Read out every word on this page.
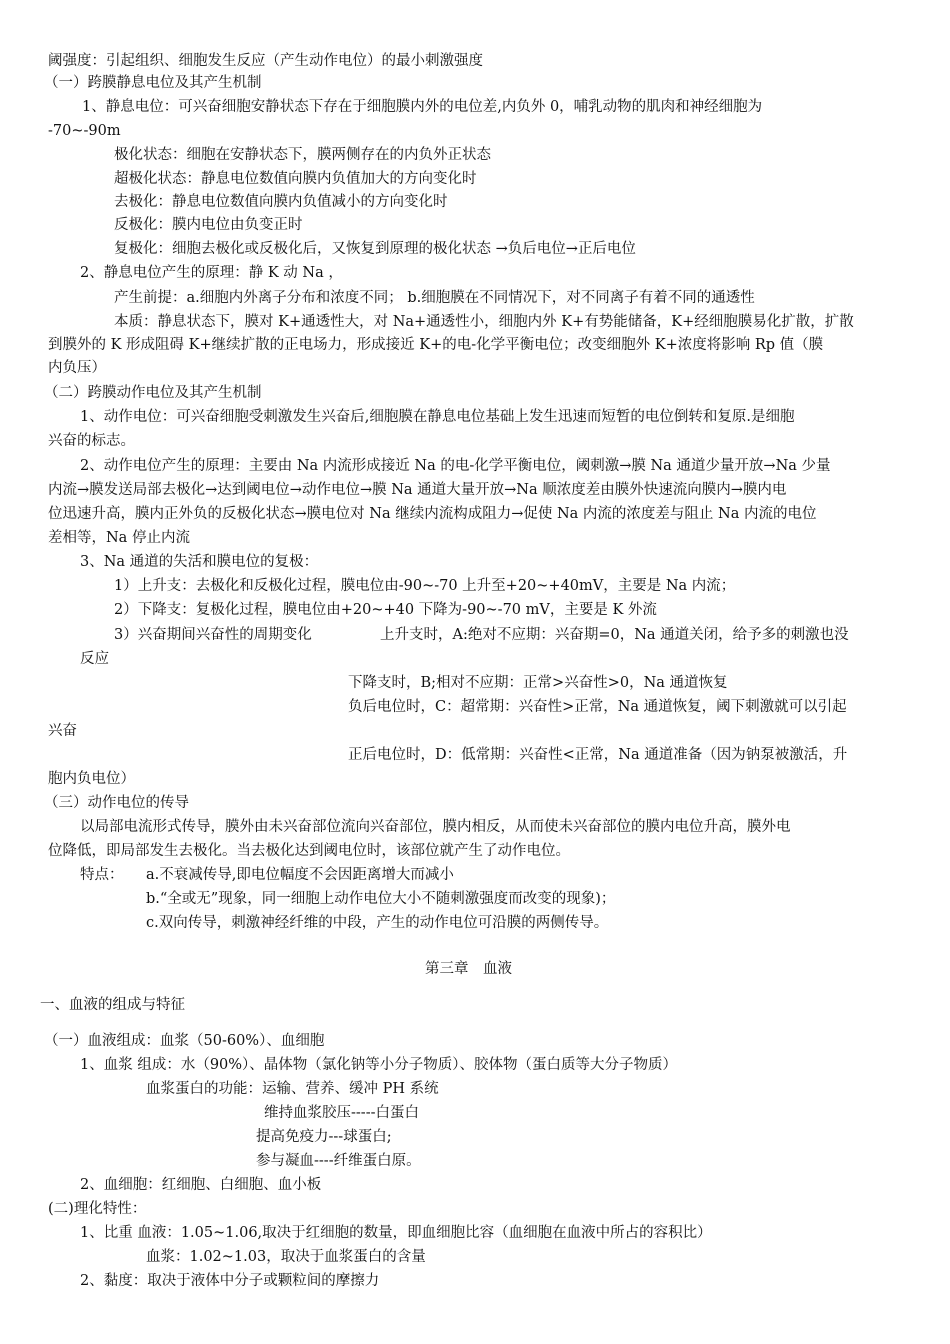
阈强度：引起组织、细胞发生反应（产生动作电位）的最小刺激强度
（一）跨膜静息电位及其产生机制
1、静息电位：可兴奋细胞安静状态下存在于细胞膜内外的电位差,内负外 0，哺乳动物的肌肉和神经细胞为
-70~-90m
极化状态：细胞在安静状态下，膜两侧存在的内负外正状态
超极化状态：静息电位数值向膜内负值加大的方向变化时
去极化：静息电位数值向膜内负值减小的方向变化时
反极化：膜内电位由负变正时
复极化：细胞去极化或反极化后，又恢复到原理的极化状态 →负后电位→正后电位
2、静息电位产生的原理：静 K 动 Na ，
产生前提：a.细胞内外离子分布和浓度不同； b.细胞膜在不同情况下，对不同离子有着不同的通透性
本质：静息状态下，膜对 K+通透性大，对 Na+通透性小，细胞内外 K+有势能储备，K+经细胞膜易化扩散，扩散
到膜外的 K 形成阻碍 K+继续扩散的正电场力，形成接近 K+的电-化学平衡电位；改变细胞外 K+浓度将影响 Rp 值（膜
内负压）
（二）跨膜动作电位及其产生机制
1、动作电位：可兴奋细胞受刺激发生兴奋后,细胞膜在静息电位基础上发生迅速而短暂的电位倒转和复原.是细胞
兴奋的标志。
2、动作电位产生的原理：主要由 Na 内流形成接近 Na 的电-化学平衡电位，阈刺激→膜 Na 通道少量开放→Na 少量
内流→膜发送局部去极化→达到阈电位→动作电位→膜 Na 通道大量开放→Na 顺浓度差由膜外快速流向膜内→膜内电
位迅速升高，膜内正外负的反极化状态→膜电位对 Na 继续内流构成阻力→促使 Na 内流的浓度差与阻止 Na 内流的电位
差相等，Na 停止内流
3、Na 通道的失活和膜电位的复极：
1）上升支：去极化和反极化过程，膜电位由-90~-70 上升至+20~+40mV，主要是 Na 内流；
2）下降支：复极化过程，膜电位由+20~+40 下降为-90~-70 mV，主要是 K 外流
3）兴奋期间兴奋性的周期变化	上升支时，A:绝对不应期：兴奋期=0，Na 通道关闭，给予多的刺激也没
反应
下降支时，B;相对不应期：正常>兴奋性>0，Na 通道恢复
负后电位时，C：超常期：兴奋性>正常，Na 通道恢复，阈下刺激就可以引起
兴奋
正后电位时，D：低常期：兴奋性<正常，Na 通道准备（因为钠泵被激活，升
胞内负电位）
（三）动作电位的传导
以局部电流形式传导，膜外由未兴奋部位流向兴奋部位，膜内相反，从而使未兴奋部位的膜内电位升高，膜外电
位降低，即局部发生去极化。当去极化达到阈电位时，该部位就产生了动作电位。
特点：	a.不衰减传导,即电位幅度不会因距离增大而减小
b.“全或无”现象，同一细胞上动作电位大小不随刺激强度而改变的现象)；
c.双向传导，刺激神经纤维的中段，产生的动作电位可沿膜的两侧传导。
第三章　血液
一、血液的组成与特征
（一）血液组成：血浆（50-60%）、血细胞
1、血浆 组成：水（90%）、晶体物（氯化钠等小分子物质）、胶体物（蛋白质等大分子物质）
血浆蛋白的功能：运输、营养、缓冲 PH 系统
维持血浆胶压-----白蛋白
提高免疫力---球蛋白;
参与凝血----纤维蛋白原。
2、血细胞：红细胞、白细胞、血小板
(二)理化特性：
1、比重 血液：1.05~1.06,取决于红细胞的数量，即血细胞比容（血细胞在血液中所占的容积比）
血浆：1.02~1.03，取决于血浆蛋白的含量
2、黏度：取决于液体中分子或颗粒间的摩擦力
